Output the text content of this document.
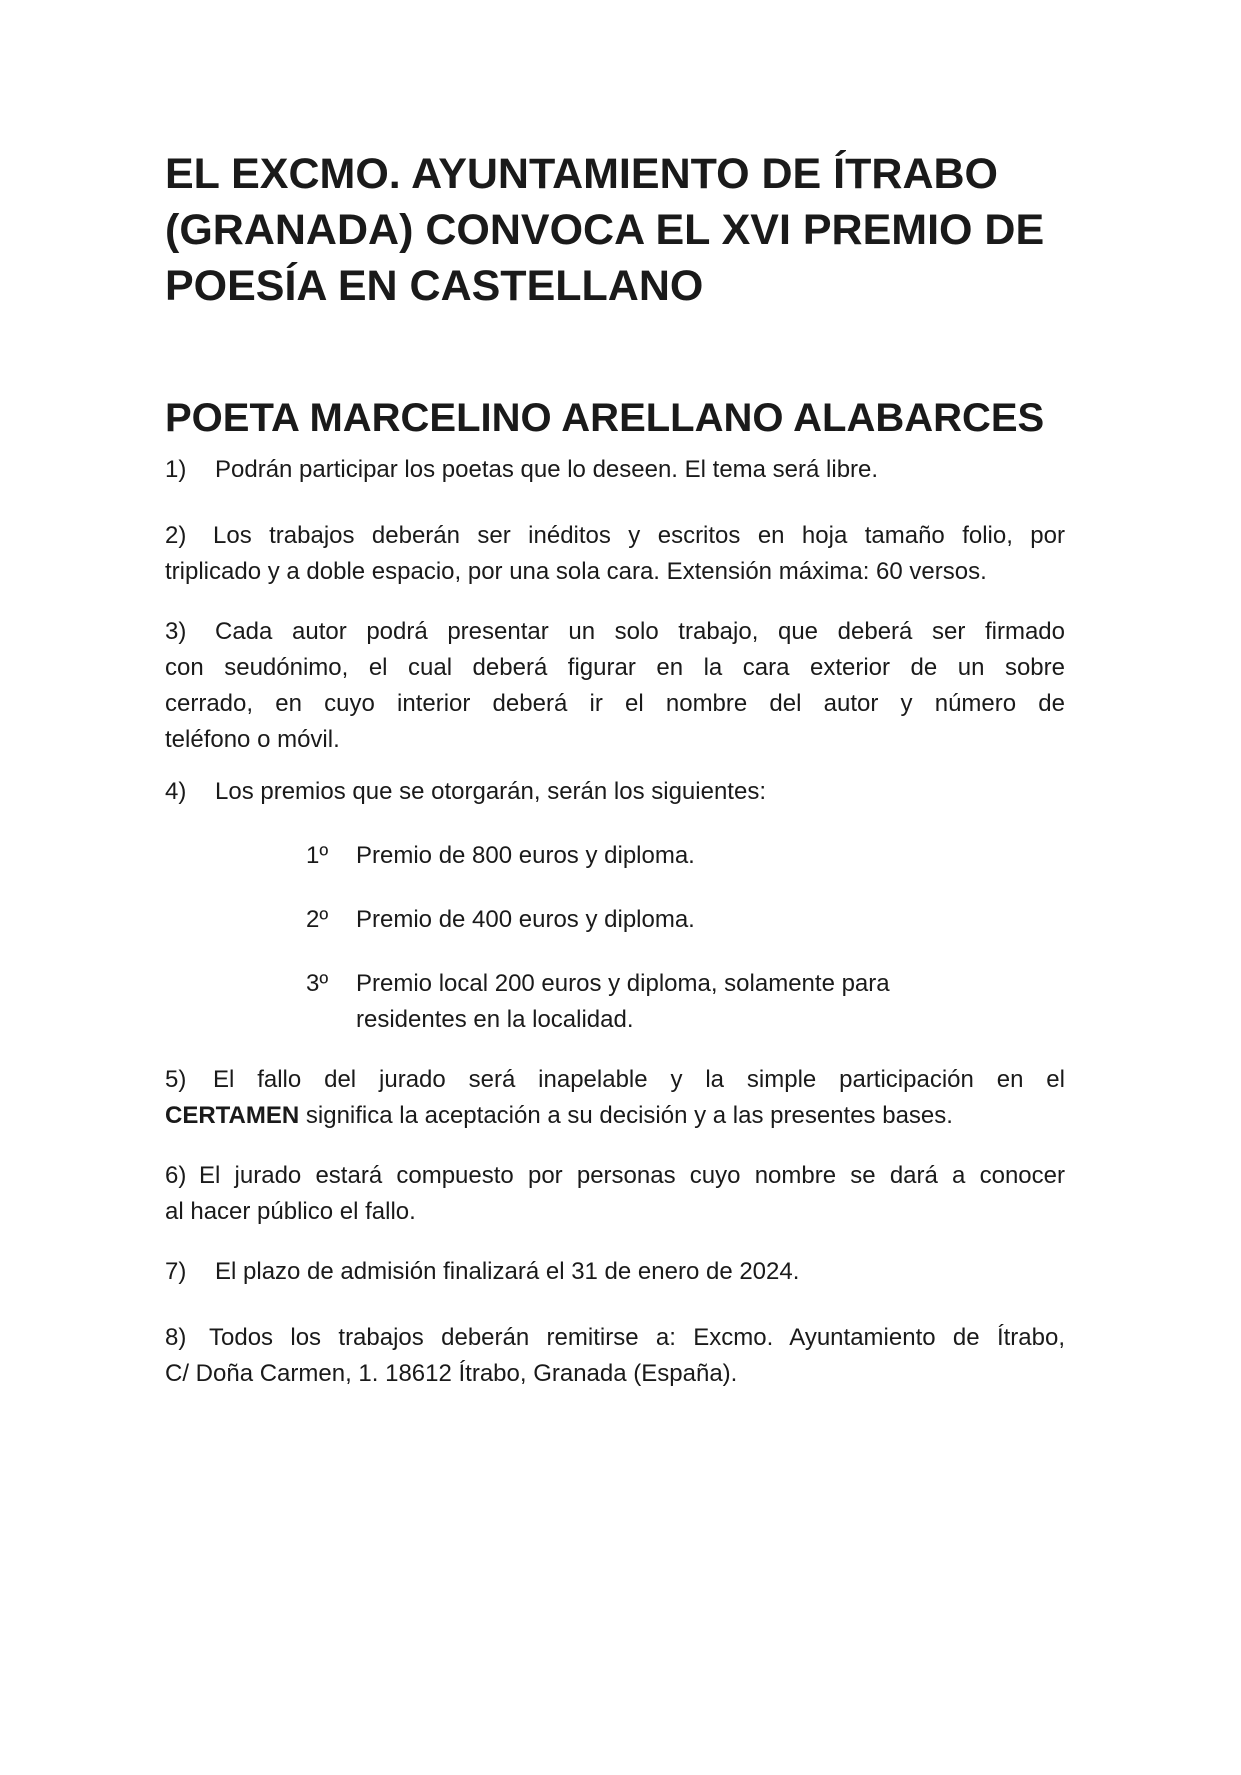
EL EXCMO. AYUNTAMIENTO DE ÍTRABO
(GRANADA) CONVOCA EL XVI PREMIO DE
POESÍA EN CASTELLANO
POETA MARCELINO ARELLANO ALABARCES

1) Podrán participar los poetas que lo deseen. El tema será libre.

2) Los trabajos deberán ser inéditos y escritos en hoja tamaño folio, por
triplicado y a doble espacio, por una sola cara. Extensión máxima: 60 versos.

3) Cada autor podrá presentar un solo trabajo, que deberá ser firmado
con seudónimo, el cual deberá figurar en la cara exterior de un sobre
cerrado, en cuyo interior deberá ir el nombre del autor y número de
teléfono o móvil.

4) Los premios que se otorgarán, serán los siguientes:

1º Premio de 800 euros y diploma.

2º Premio de 400 euros y diploma.

3º Premio local 200 euros y diploma, solamente para
residentes en la localidad.

5) El fallo del jurado será inapelable y la simple participación en el
CERTAMEN significa la aceptación a su decisión y a las presentes bases.

6) El jurado estará compuesto por personas cuyo nombre se dará a conocer
al hacer público el fallo.

7) El plazo de admisión finalizará el 31 de enero de 2024.

8) Todos los trabajos deberán remitirse a: Excmo. Ayuntamiento de Ítrabo,
C/ Doña Carmen, 1. 18612 Ítrabo, Granada (España).
